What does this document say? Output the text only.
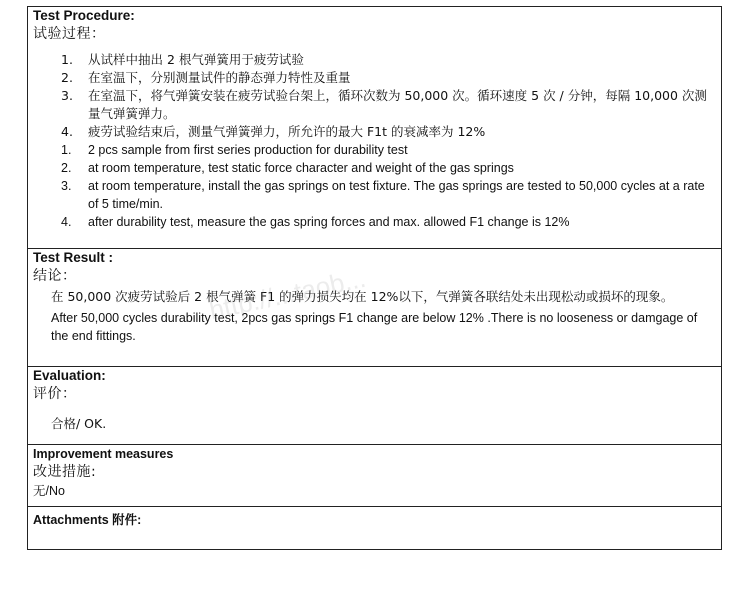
Test Procedure:
试验过程：
1. 从试样中抽出 2 根气弹簧用于疲劳试验
2. 在室温下，分别测量试件的静态弹力特性及重量
3. 在室温下，将气弹簧安装在疲劳试验台架上，循环次数为 50,000 次。循环速度 5 次 / 分钟，每隔 10,000 次测量气弹簧弹力。
4. 疲劳试验结束后，测量气弹簧弹力，所允许的最大 F1t 的衰减率为 12%
1. 2 pcs sample from first series production for durability test
2. at room temperature, test static force character and weight of the gas springs
3. at room temperature, install the gas springs on test fixture. The gas springs are tested to 50,000 cycles at a rate of 5 time/min.
4. after durability test, measure the gas spring forces and max. allowed F1 change is 12%
http://...taob...
Test Result :
结论：
在 50,000 次疲劳试验后 2 根气弹簧 F1 的弹力损失均在 12%以下，气弹簧各联结处未出现松动或损坏的现象。
After 50,000 cycles durability test, 2pcs gas springs F1 change are below 12% .There is no looseness or damgage of the end fittings.
Evaluation:
评价：
合格/ OK.
Improvement measures
改进措施:
无/No
Attachments 附件:
